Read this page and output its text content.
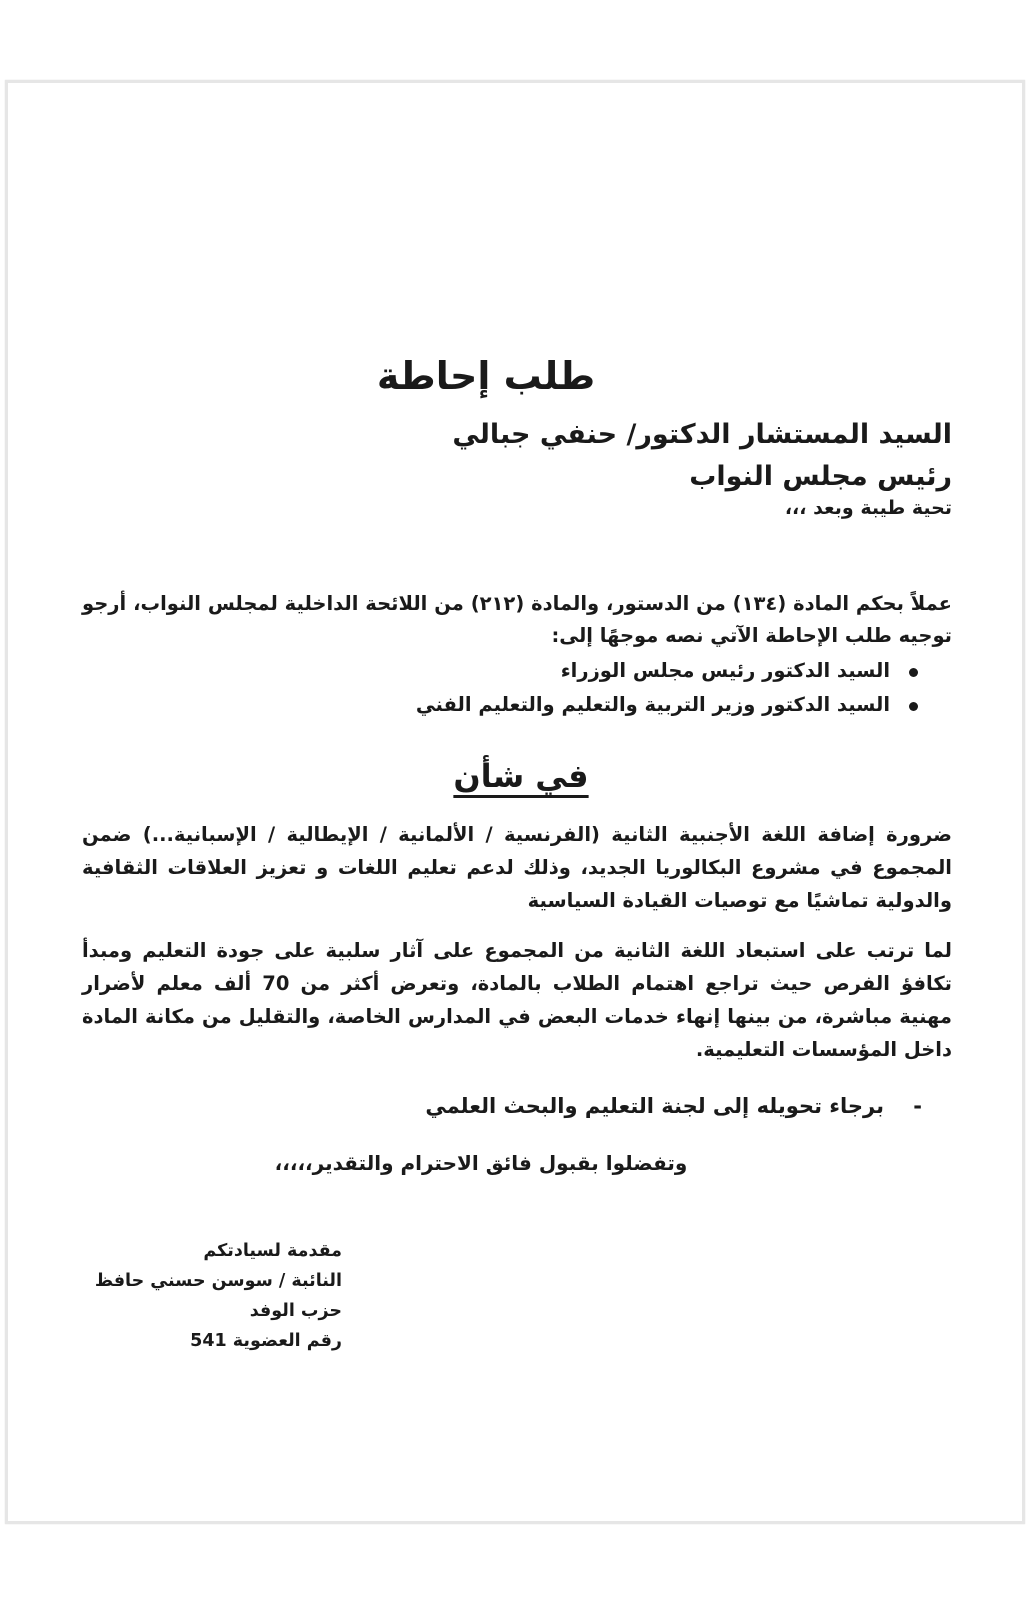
طلب إحاطة
السيد المستشار الدكتور/ حنفي جبالي
رئيس مجلس النواب
تحية طيبة وبعد ،،،
عملاً بحكم المادة (١٣٤) من الدستور، والمادة (٢١٢) من اللائحة الداخلية لمجلس النواب، أرجو توجيه طلب الإحاطة الآتي نصه موجهًا إلى:
السيد الدكتور رئيس مجلس الوزراء
السيد الدكتور وزير التربية والتعليم والتعليم الفني
في شأن
ضرورة إضافة اللغة الأجنبية الثانية (الفرنسية / الألمانية / الإيطالية / الإسبانية...) ضمن المجموع في مشروع البكالوريا الجديد، وذلك لدعم تعليم اللغات و تعزيز العلاقات الثقافية والدولية تماشيًا مع توصيات القيادة السياسية
لما ترتب على استبعاد اللغة الثانية من المجموع على آثار سلبية على جودة التعليم ومبدأ تكافؤ الفرص حيث تراجع اهتمام الطلاب بالمادة، وتعرض أكثر من 70 ألف معلم لأضرار مهنية مباشرة، من بينها إنهاء خدمات البعض في المدارس الخاصة، والتقليل من مكانة المادة داخل المؤسسات التعليمية.
- برجاء تحويله إلى لجنة التعليم والبحث العلمي
وتفضلوا بقبول فائق الاحترام والتقدير،،،،،
مقدمة لسيادتكم
النائبة / سوسن حسني حافظ
حزب الوفد
رقم العضوية 541
